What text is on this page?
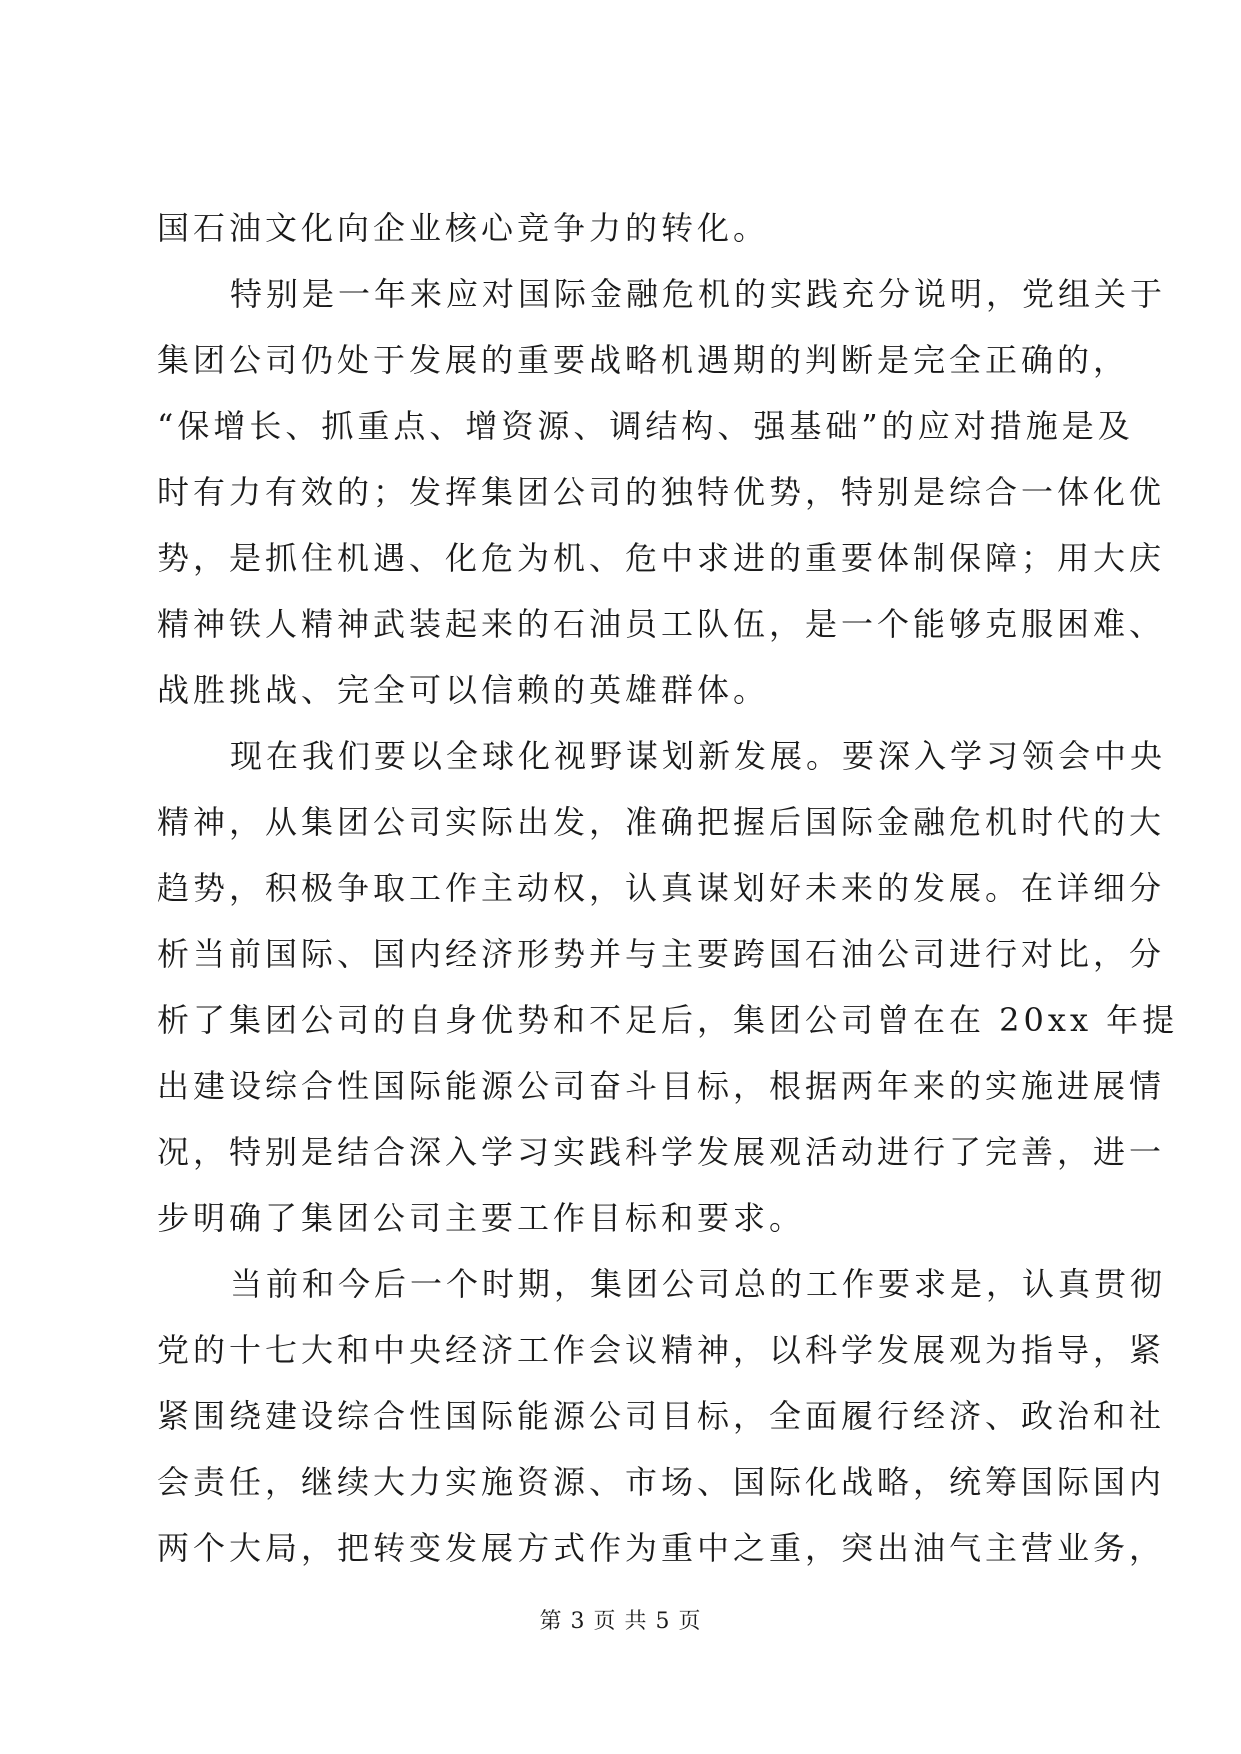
国石油文化向企业核心竞争力的转化。
特别是一年来应对国际金融危机的实践充分说明，党组关于
集团公司仍处于发展的重要战略机遇期的判断是完全正确的，
“保增长、抓重点、增资源、调结构、强基础”的应对措施是及
时有力有效的；发挥集团公司的独特优势，特别是综合一体化优
势，是抓住机遇、化危为机、危中求进的重要体制保障；用大庆
精神铁人精神武装起来的石油员工队伍，是一个能够克服困难、
战胜挑战、完全可以信赖的英雄群体。
现在我们要以全球化视野谋划新发展。要深入学习领会中央
精神，从集团公司实际出发，准确把握后国际金融危机时代的大
趋势，积极争取工作主动权，认真谋划好未来的发展。在详细分
析当前国际、国内经济形势并与主要跨国石油公司进行对比，分
析了集团公司的自身优势和不足后，集团公司曾在在 20xx 年提
出建设综合性国际能源公司奋斗目标，根据两年来的实施进展情
况，特别是结合深入学习实践科学发展观活动进行了完善，进一
步明确了集团公司主要工作目标和要求。
当前和今后一个时期，集团公司总的工作要求是，认真贯彻
党的十七大和中央经济工作会议精神，以科学发展观为指导，紧
紧围绕建设综合性国际能源公司目标，全面履行经济、政治和社
会责任，继续大力实施资源、市场、国际化战略，统筹国际国内
两个大局，把转变发展方式作为重中之重，突出油气主营业务，
第 3 页 共 5 页
